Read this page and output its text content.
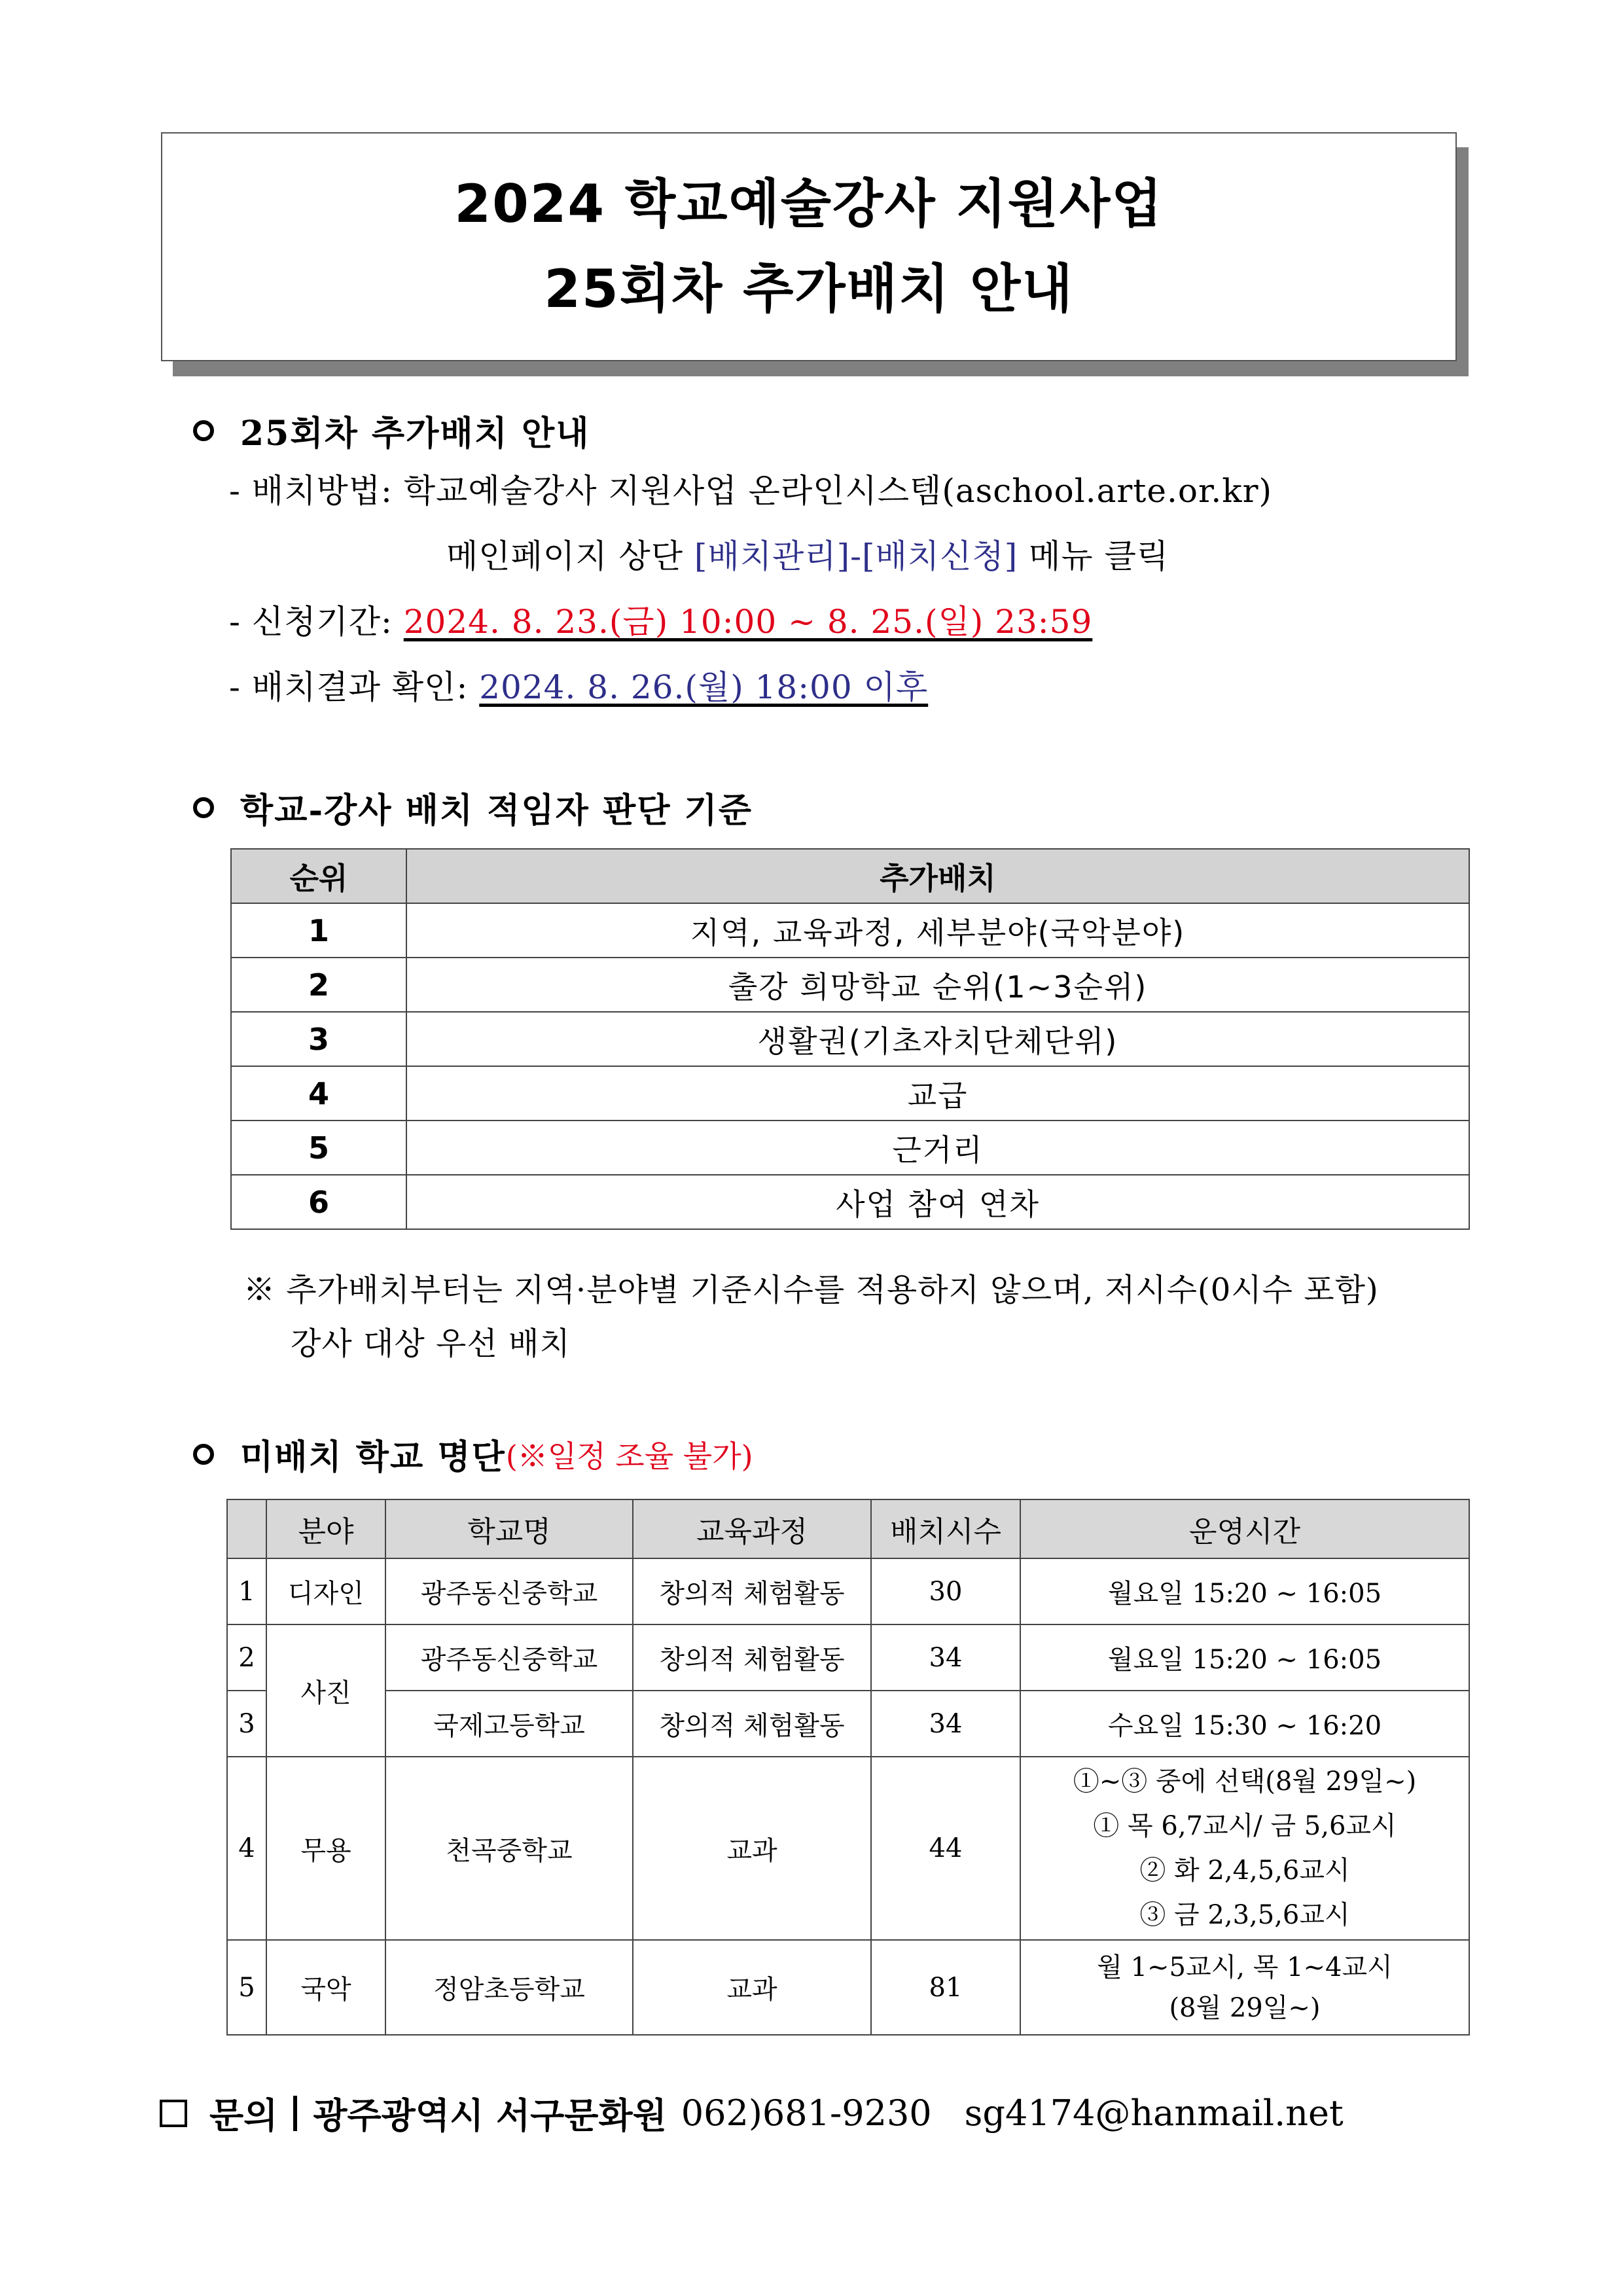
2024 학교예술강사 지원사업
25회차 추가배치 안내
25회차 추가배치 안내
- 배치방법: 학교예술강사 지원사업 온라인시스템(aschool.arte.or.kr)
메인페이지 상단 [배치관리]-[배치신청] 메뉴 클릭
- 신청기간: 2024. 8. 23.(금) 10:00 ~ 8. 25.(일) 23:59
- 배치결과 확인: 2024. 8. 26.(월) 18:00 이후
학교-강사 배치 적임자 판단 기준
순위	추가배치
1	지역, 교육과정, 세부분야(국악분야)
2	출강 희망학교 순위(1~3순위)
3	생활권(기초자치단체단위)
4	교급
5	근거리
6	사업 참여 연차
※ 추가배치부터는 지역·분야별 기준시수를 적용하지 않으며, 저시수(0시수 포함)
강사 대상 우선 배치
미배치 학교 명단 (※일정 조율 불가)
	분야	학교명	교육과정	배치시수	운영시간
1	디자인	광주동신중학교	창의적 체험활동	30	월요일 15:20 ~ 16:05
2	사진	광주동신중학교	창의적 체험활동	34	월요일 15:20 ~ 16:05
3		국제고등학교	창의적 체험활동	34	수요일 15:30 ~ 16:20
4	무용	천곡중학교	교과	44	①~③ 중에 선택(8월 29일~)
① 목 6,7교시/ 금 5,6교시
② 화 2,4,5,6교시
③ 금 2,3,5,6교시

5	국악	정암초등학교	교과	81	월 1~5교시, 목 1~4교시
(8월 29일~)
문의 광주광역시 서구문화원 062)681-9230 sg4174@hanmail.net
